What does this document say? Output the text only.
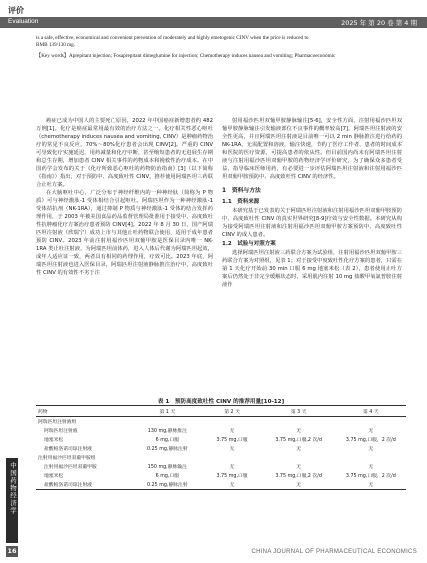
评价
Evaluation	2025 年 第 20 卷 第 4 期

is a safe, effective, economical and convenient prevention of moderately and highly emetogenic CINV when the price is reduced to

RMB 139/130 mg.

【Key words】Aprepitant injection; Fosaprepitant dimeglumine for injection; Chemotherapy induces nausea and vomiting; Pharmacoeconomic

癌症已成为中国人的主要死亡原因，2022 年中国癌症新增患者约 482 万例[1]。化疗是癌症最常用最有效的治疗方法之一。化疗相关性恶心呕吐（chemotherapy induces nausea and vomiting, CINV）是肿瘤药物治疗的常见不良反应，70%～80%化疗患者会出现 CINV[2]。严重的 CINV 可导致化疗实施延迟、用药减量和化疗中断，甚至缩短患者的无进展生存期和总生存期，增加患者 CINV 相关事件的药物成本和挽救性治疗成本。在中国药学会发布的关于《化疗所致恶心呕吐的药物防治指南》[3]（以下简称《指南》）指出，对于预防中、高度致吐性 CINV，推荐使用阿瑞匹坦三药联合止吐方案。

在大脑呕吐中心，广泛分布于神经纤维内的一种神经肽（简称为 P 物质）可与神经激肽-1 受体相结合引起呕吐。阿瑞匹坦作为一种神经激肽-1 受体拮抗剂（NK-1RA），通过抑制 P 物质与神经激肽-1 受体的结合发挥药理作用，于 2003 年被美国食品药品监督管理局批准用于接受中、高度致吐性抗肿瘤化疗方案治疗患者预防 CINV[4]。2022 年 8 月 30 日，国产阿瑞匹坦注射液（欣瑞宁）成功上市与其他止吐药物联合使用，适用于成年患者预防 CINV。2023 年前注射用福沙匹坦双葡甲胺是医保目录内唯一 NK-1RA 类止吐注射液，为阿瑞匹坦前体药，进入人体后代谢为阿瑞匹坦起效，成年人适应证一致，两者具有相同的药理作用，疗效可比。2023 年底，阿瑞匹坦注射液也进入医保目录，阿瑞匹坦注射液静脉推注治疗中、高度致吐性 CINV 的有效性不劣于注

射用福沙匹坦双葡甲胺静脉输注[5-6]，安全性方面，注射用福沙匹坦双葡甲胺静脉输注引发输液部位不良事件的概率较高[7]，阿瑞匹坦注射液的安全性更高，并且阿瑞匹坦注射液是目前唯一可以 2 min 静脉推注进行给药的 NK-1RA，无需配置和溶液，输注快速，节约了医疗工作者、患者的时间成本和医院的医疗资源，可提高患者的依从性。但目前国内尚未有阿瑞匹坦注射液与注射用福沙匹坦双葡甲胺的药物经济学评价研究，为了确保众多患者受益，指导临床医师用药，有必要进一步评估阿瑞匹坦注射液和注射用福沙匹坦双葡甲胺预防中、高度致吐性 CINV 的经济性。

1　资料与方法

1.1　资料来源

本研究基于已发表的关于阿瑞匹坦注射液和注射用福沙匹坦双葡甲胺预防中、高度致吐性 CINV 的真实世界研究[8-9]疗效与安全性数据。本研究从构为接受阿瑞匹坦注射液和注射用福沙匹坦双葡甲胺方案预防中、高度致吐性 CINV 的成人患者。

1.2　试验与对照方案

选择阿瑞匹坦注射液三药联合方案为试验组，注射用福沙匹坦双葡甲胺三药联合方案为对照组，见表 1；对于接受中度致吐性化疗方案的患者，只需在第 1 天化疗开始前 30 min 口服 6 mg 地塞米松（表 2），患者使用止吐方案后仍然处于非完全缓解状态时，采用肌内注射 10 mg 盐酸甲氧氯普胺注射液作

表 1　预防高度致吐性 CINV 的推荐用量[10-12]
药物	第 1 天	第 2 天	第 3 天	第 4 天
阿瑞匹坦注射液组				
阿瑞匹坦注射液	130 mg,静脉推注	无	无	无
地塞米松	6 mg,口服	3.75 mg,口服	3.75 mg,口服,2 次/d	3.75 mg,口服，2 次/d
盐酸帕洛诺司琼注射液	0.25 mg,静脉注射	无	无	无
注射用福沙匹坦双葡甲胺组				
注射用福沙匹坦双葡甲胺	150 mg,静脉输注	无	无	无
地塞米松	6 mg,口服	3.75 mg,口服	3.75 mg,口服,2 次/d	3.75 mg,口服，2 次/d
盐酸帕洛诺司琼注射液	0.25 mg,静脉注射	无	无	无
中国药物经济学
16	CHINA JOURNAL OF PHARMACEUTICAL ECONOMICS
